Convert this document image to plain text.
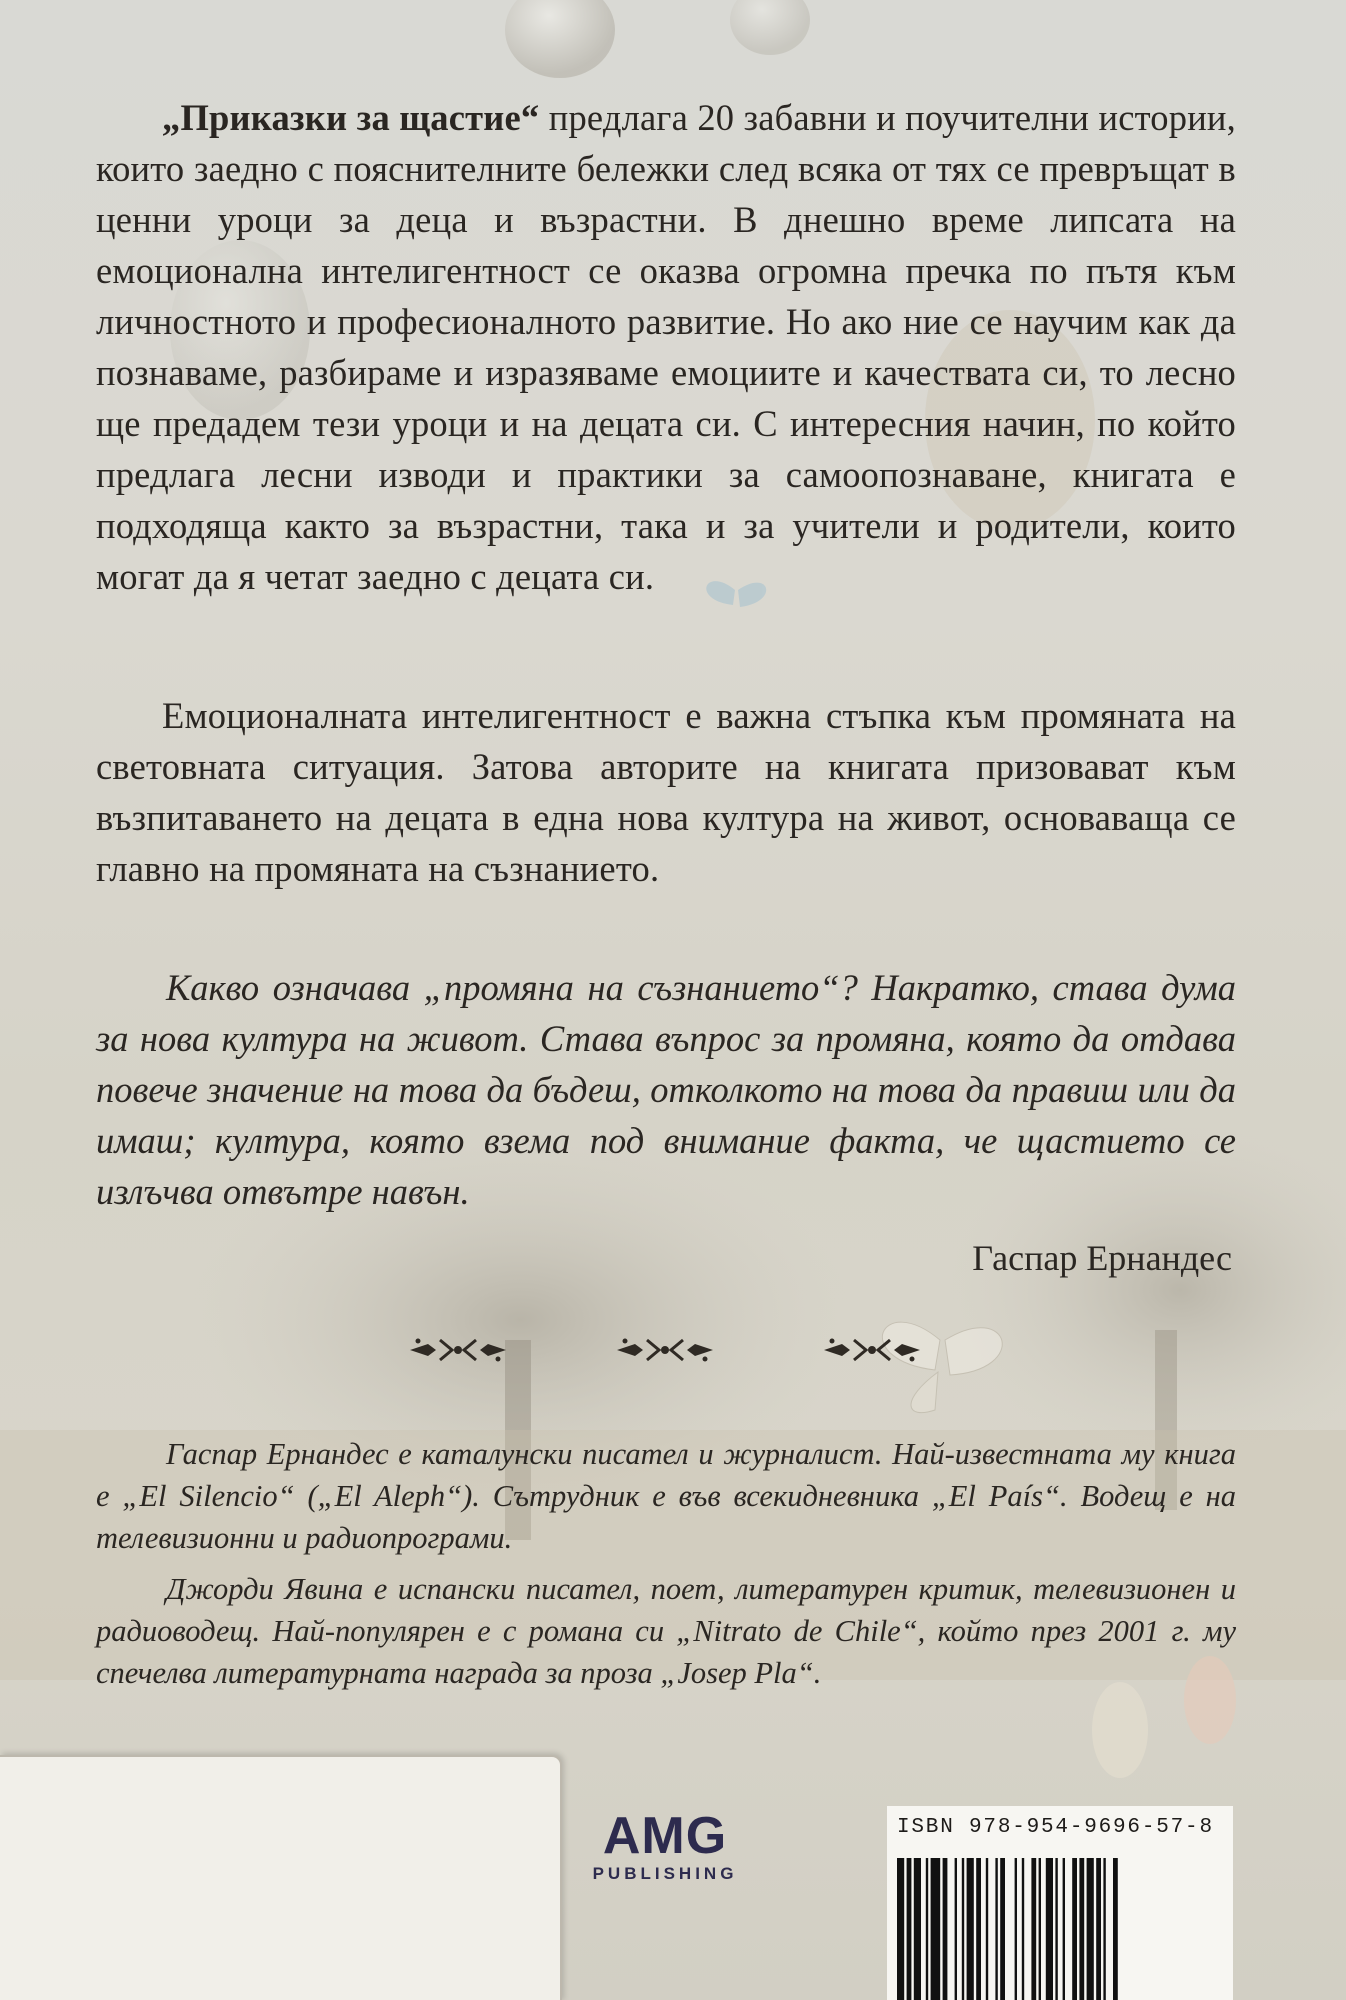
„Приказки за щастие“ предлага 20 забавни и поучителни истории, които заедно с пояснителните бележки след всяка от тях се превръщат в ценни уроци за деца и възрастни. В днешно време липсата на емоционална интелигентност се оказва огромна пречка по пътя към личностното и професионалното развитие. Но ако ние се научим как да познаваме, разбираме и изразяваме емоциите и качествата си, то лесно ще предадем тези уроци и на децата си. С интересния начин, по който предлага лесни изводи и практики за самоопознаване, книгата е подходяща както за възрастни, така и за учители и родители, които могат да я четат заедно с децата си.

Емоционалната интелигентност е важна стъпка към промяната на световната ситуация. Затова авторите на книгата призовават към възпитаването на децата в една нова култура на живот, основаваща се главно на промяната на съзнанието.

Какво означава „промяна на съзнанието“? Накратко, става дума за нова култура на живот. Става въпрос за промяна, която да отдава повече значение на това да бъдеш, отколкото на това да правиш или да имаш; култура, която взема под внимание факта, че щастието се излъчва отвътре навън.

Гаспар Ернандес

Гаспар Ернандес е каталунски писател и журналист. Най-известната му книга е „El Silencio“ („El Aleph“). Сътрудник е във всекидневника „El País“. Водещ е на телевизионни и радиопрограми.

Джорди Явина е испански писател, поет, литературен критик, телевизионен и радиоводещ. Най-популярен е с романа си „Nitrato de Chile“, който през 2001 г. му спечелва литературната награда за проза „Josep Pla“.

AMG
PUBLISHING
ISBN 978-954-9696-57-8
